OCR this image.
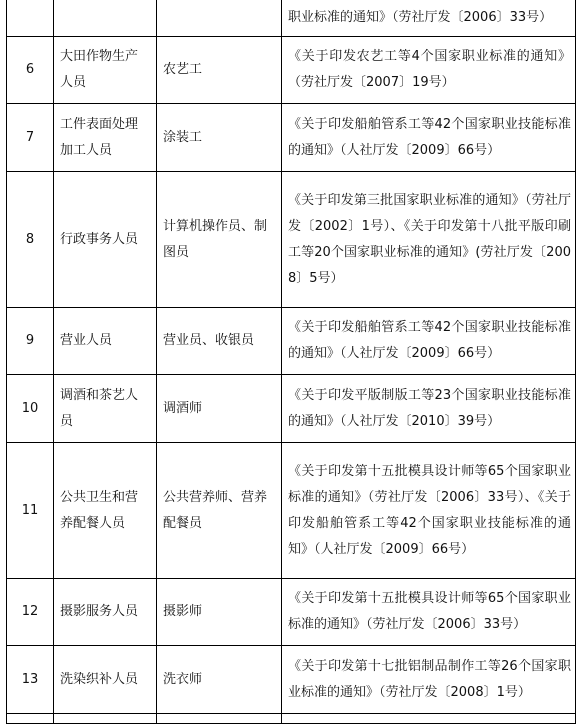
			职业标准的通知》（劳社厅发〔2006〕33号）
6	大田作物生产人员	农艺工	《关于印发农艺工等4个国家职业标准的通知》（劳社厅发〔2007〕19号）
7	工件表面处理加工人员	涂装工	《关于印发船舶管系工等42个国家职业技能标准的通知》（人社厅发〔2009〕66号）
8	行政事务人员	计算机操作员、制图员	《关于印发第三批国家职业标准的通知》（劳社厅发〔2002〕1号）、《关于印发第十八批平版印刷工等20个国家职业标准的通知》(劳社厅发〔2008〕5号）
9	营业人员	营业员、收银员	《关于印发船舶管系工等42个国家职业技能标准的通知》（人社厅发〔2009〕66号）
10	调酒和茶艺人员	调酒师	《关于印发平版制版工等23个国家职业技能标准的通知》（人社厅发〔2010〕39号）
11	公共卫生和营养配餐人员	公共营养师、营养配餐员	《关于印发第十五批模具设计师等65个国家职业标准的通知》（劳社厅发〔2006〕33号）、《关于印发船舶管系工等42个国家职业技能标准的通知》（人社厅发〔2009〕66号）
12	摄影服务人员	摄影师	《关于印发第十五批模具设计师等65个国家职业标准的通知》（劳社厅发〔2006〕33号）
13	洗染织补人员	洗衣师	《关于印发第十七批铝制品制作工等26个国家职业标准的通知》（劳社厅发〔2008〕1号）
